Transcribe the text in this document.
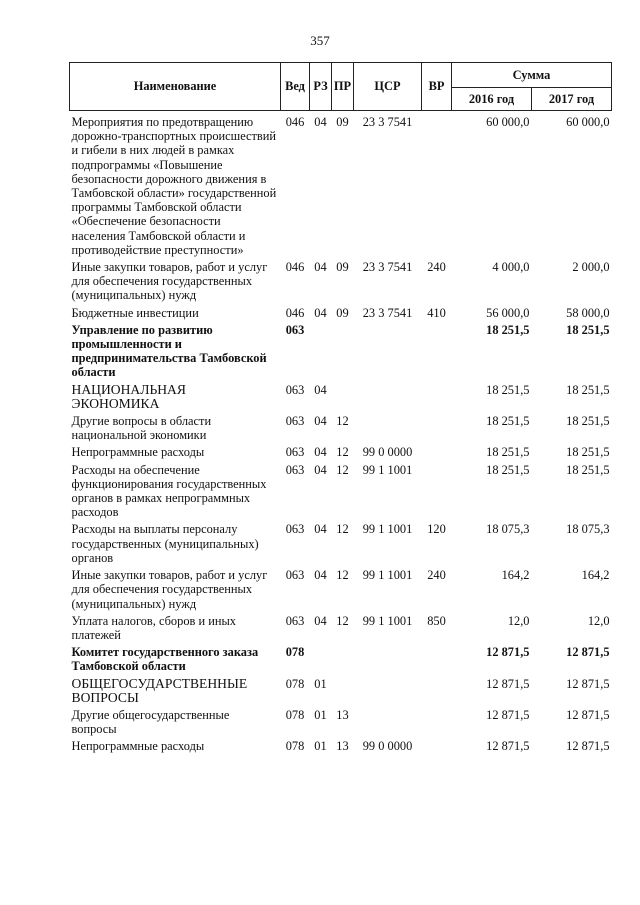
357
Наименование	Вед	РЗ	ПР	ЦСР	ВР	Сумма	
						2016 год	2017 год
Мероприятия по предотвращению дорожно-транспортных происшествий и гибели в них людей в рамках подпрограммы «Повышение безопасности дорожного движения в Тамбовской области» государственной программы Тамбовской области «Обеспечение безопасности населения Тамбовской области и противодействие преступности»	046	04	09	23 3 7541		60 000,0	60 000,0
Иные закупки товаров, работ и услуг для обеспечения государственных (муниципальных) нужд	046	04	09	23 3 7541	240	4 000,0	2 000,0
Бюджетные инвестиции	046	04	09	23 3 7541	410	56 000,0	58 000,0
Управление по развитию промышленности и предпринимательства Тамбовской области	063					18 251,5	18 251,5
НАЦИОНАЛЬНАЯ ЭКОНОМИКА	063	04				18 251,5	18 251,5
Другие вопросы в области национальной экономики	063	04	12			18 251,5	18 251,5
Непрограммные расходы	063	04	12	99 0 0000		18 251,5	18 251,5
Расходы на обеспечение функционирования государственных органов в рамках непрограммных расходов	063	04	12	99 1 1001		18 251,5	18 251,5
Расходы на выплаты персоналу государственных (муниципальных) органов	063	04	12	99 1 1001	120	18 075,3	18 075,3
Иные закупки товаров, работ и услуг для обеспечения государственных (муниципальных) нужд	063	04	12	99 1 1001	240	164,2	164,2
Уплата налогов, сборов и иных платежей	063	04	12	99 1 1001	850	12,0	12,0
Комитет государственного заказа Тамбовской области	078					12 871,5	12 871,5
ОБЩЕГОСУДАРСТВЕННЫЕ ВОПРОСЫ	078	01				12 871,5	12 871,5
Другие общегосударственные вопросы	078	01	13			12 871,5	12 871,5
Непрограммные расходы	078	01	13	99 0 0000		12 871,5	12 871,5
